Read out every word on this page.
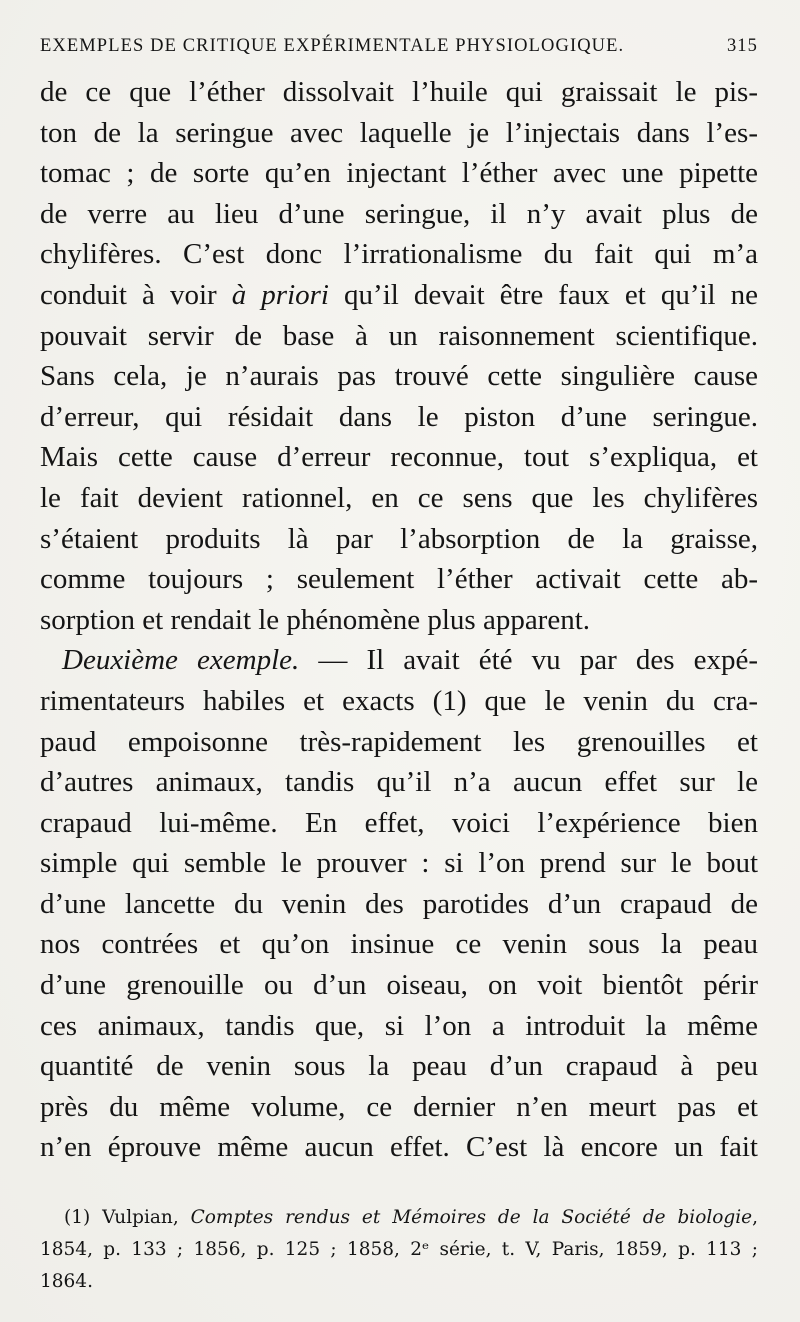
EXEMPLES DE CRITIQUE EXPÉRIMENTALE PHYSIOLOGIQUE.	315
de ce que l’éther dissolvait l’huile qui graissait le pis-
ton de la seringue avec laquelle je l’injectais dans l’es-
tomac ; de sorte qu’en injectant l’éther avec une pipette
de verre au lieu d’une seringue, il n’y avait plus de
chylifères. C’est donc l’irrationalisme du fait qui m’a
conduit à voir à priori qu’il devait être faux et qu’il ne
pouvait servir de base à un raisonnement scientifique.
Sans cela, je n’aurais pas trouvé cette singulière cause
d’erreur, qui résidait dans le piston d’une seringue.
Mais cette cause d’erreur reconnue, tout s’expliqua, et
le fait devient rationnel, en ce sens que les chylifères
s’étaient produits là par l’absorption de la graisse,
comme toujours ; seulement l’éther activait cette ab-
sorption et rendait le phénomène plus apparent.
Deuxième exemple. — Il avait été vu par des expé-
rimentateurs habiles et exacts (1) que le venin du cra-
paud empoisonne très-rapidement les grenouilles et
d’autres animaux, tandis qu’il n’a aucun effet sur le
crapaud lui-même. En effet, voici l’expérience bien
simple qui semble le prouver : si l’on prend sur le bout
d’une lancette du venin des parotides d’un crapaud de
nos contrées et qu’on insinue ce venin sous la peau
d’une grenouille ou d’un oiseau, on voit bientôt périr
ces animaux, tandis que, si l’on a introduit la même
quantité de venin sous la peau d’un crapaud à peu
près du même volume, ce dernier n’en meurt pas et
n’en éprouve même aucun effet. C’est là encore un fait
(1) Vulpian, Comptes rendus et Mémoires de la Société de biologie,
1854, p. 133 ; 1856, p. 125 ; 1858, 2ᵉ série, t. V, Paris, 1859, p. 113 ;
1864.
